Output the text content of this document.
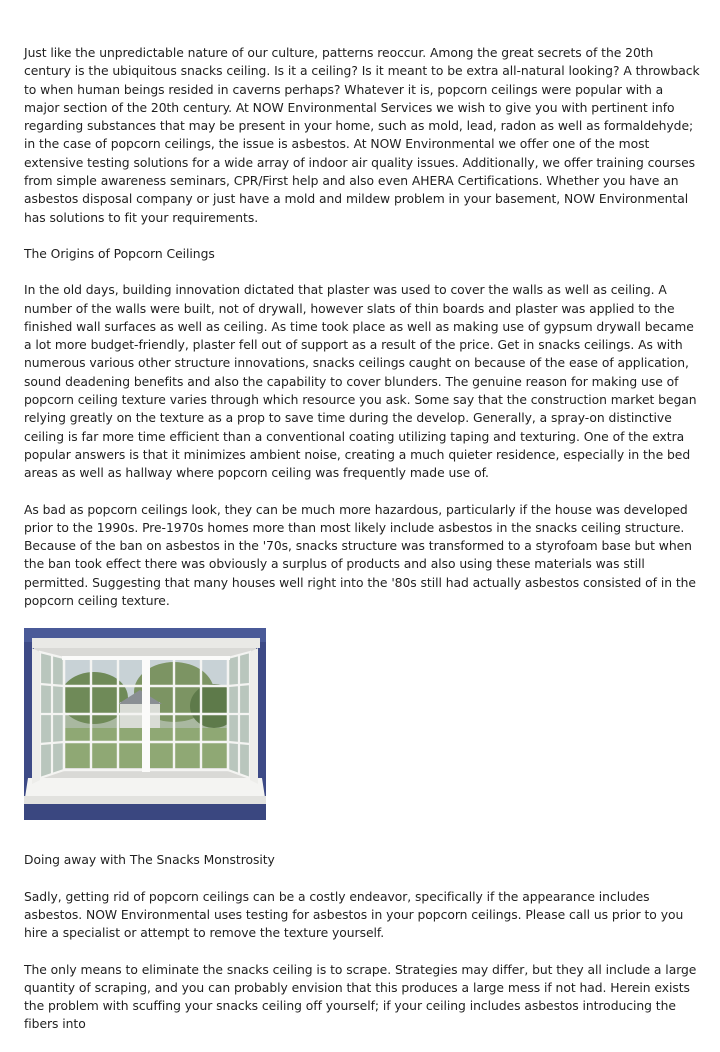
Just like the unpredictable nature of our culture, patterns reoccur. Among the great secrets of the 20th century is the ubiquitous snacks ceiling. Is it a ceiling? Is it meant to be extra all-natural looking? A throwback to when human beings resided in caverns perhaps? Whatever it is, popcorn ceilings were popular with a major section of the 20th century. At NOW Environmental Services we wish to give you with pertinent info regarding substances that may be present in your home, such as mold, lead, radon as well as formaldehyde; in the case of popcorn ceilings, the issue is asbestos. At NOW Environmental we offer one of the most extensive testing solutions for a wide array of indoor air quality issues. Additionally, we offer training courses from simple awareness seminars, CPR/First help and also even AHERA Certifications. Whether you have an asbestos disposal company or just have a mold and mildew problem in your basement, NOW Environmental has solutions to fit your requirements.

The Origins of Popcorn Ceilings

In the old days, building innovation dictated that plaster was used to cover the walls as well as ceiling. A number of the walls were built, not of drywall, however slats of thin boards and plaster was applied to the finished wall surfaces as well as ceiling. As time took place as well as making use of gypsum drywall became a lot more budget-friendly, plaster fell out of support as a result of the price. Get in snacks ceilings. As with numerous various other structure innovations, snacks ceilings caught on because of the ease of application, sound deadening benefits and also the capability to cover blunders. The genuine reason for making use of popcorn ceiling texture varies through which resource you ask. Some say that the construction market began relying greatly on the texture as a prop to save time during the develop. Generally, a spray-on distinctive ceiling is far more time efficient than a conventional coating utilizing taping and texturing. One of the extra popular answers is that it minimizes ambient noise, creating a much quieter residence, especially in the bed areas as well as hallway where popcorn ceiling was frequently made use of.

As bad as popcorn ceilings look, they can be much more hazardous, particularly if the house was developed prior to the 1990s. Pre-1970s homes more than most likely include asbestos in the snacks ceiling structure. Because of the ban on asbestos in the '70s, snacks structure was transformed to a styrofoam base but when the ban took effect there was obviously a surplus of products and also using these materials was still permitted. Suggesting that many houses well right into the '80s still had actually asbestos consisted of in the popcorn ceiling texture.

Doing away with The Snacks Monstrosity

Sadly, getting rid of popcorn ceilings can be a costly endeavor, specifically if the appearance includes asbestos. NOW Environmental uses testing for asbestos in your popcorn ceilings. Please call us prior to you hire a specialist or attempt to remove the texture yourself.

The only means to eliminate the snacks ceiling is to scrape. Strategies may differ, but they all include a large quantity of scraping, and you can probably envision that this produces a large mess if not had. Herein exists the problem with scuffing your snacks ceiling off yourself; if your ceiling includes asbestos introducing the fibers into
